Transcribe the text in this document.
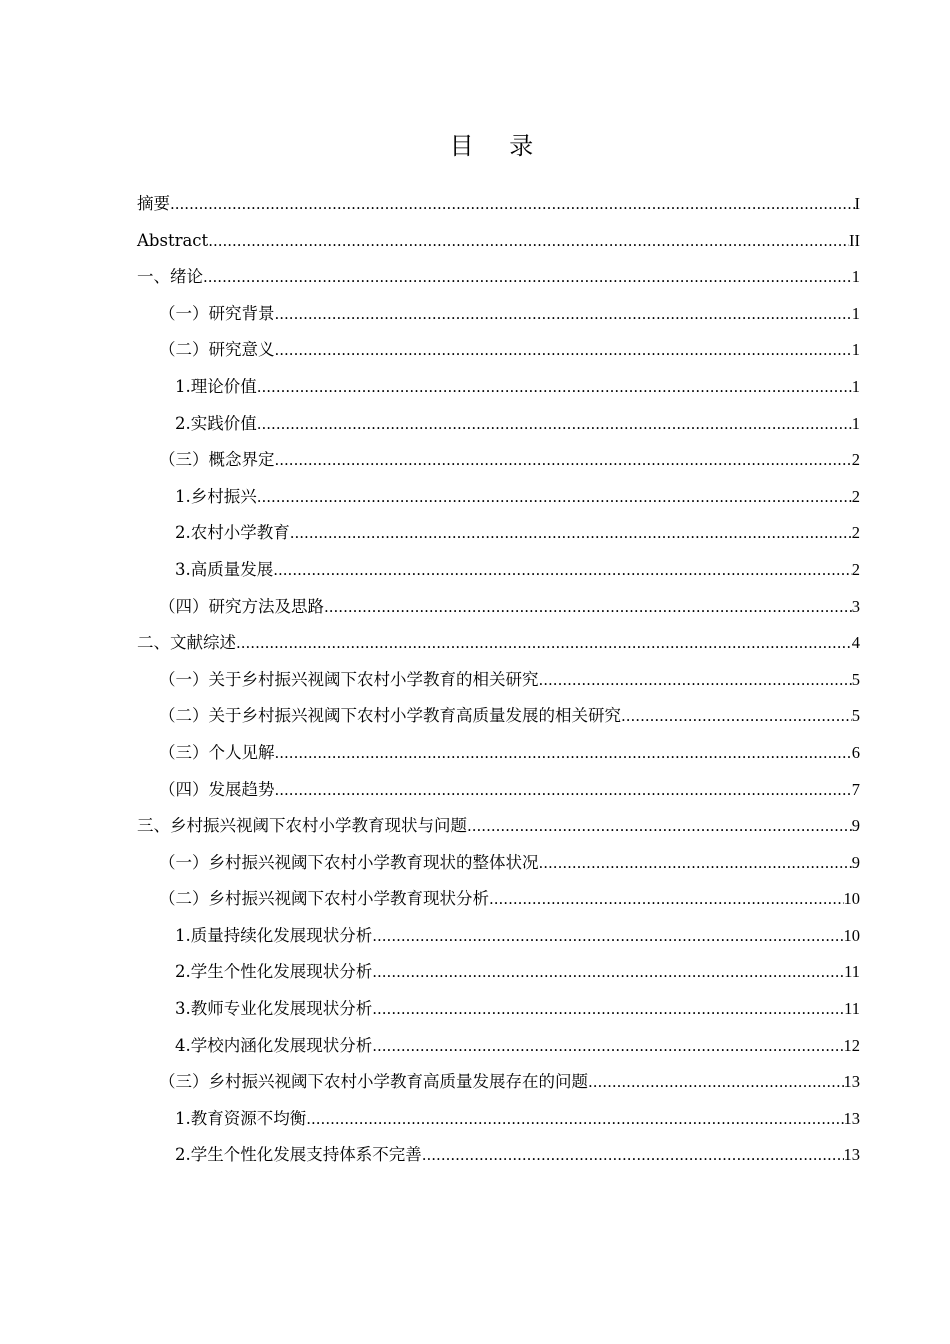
目 录
摘要 .....	I
Abstract .....	II
一、绪论 .....	1
（一）研究背景 .....	1
（二）研究意义 .....	1
1.理论价值 .....	1
2.实践价值 .....	1
（三）概念界定 .....	2
1.乡村振兴 .....	2
2.农村小学教育 .....	2
3.高质量发展 .....	2
（四）研究方法及思路 .....	3
二、文献综述 .....	4
（一）关于乡村振兴视阈下农村小学教育的相关研究 .....	5
（二）关于乡村振兴视阈下农村小学教育高质量发展的相关研究 .....	5
（三）个人见解 .....	6
（四）发展趋势 .....	7
三、乡村振兴视阈下农村小学教育现状与问题 .....	9
（一）乡村振兴视阈下农村小学教育现状的整体状况 .....	9
（二）乡村振兴视阈下农村小学教育现状分析 .....	10
1.质量持续化发展现状分析 .....	10
2.学生个性化发展现状分析 .....	11
3.教师专业化发展现状分析 .....	11
4.学校内涵化发展现状分析 .....	12
（三）乡村振兴视阈下农村小学教育高质量发展存在的问题 .....	13
1.教育资源不均衡 .....	13
2.学生个性化发展支持体系不完善 .....	13
